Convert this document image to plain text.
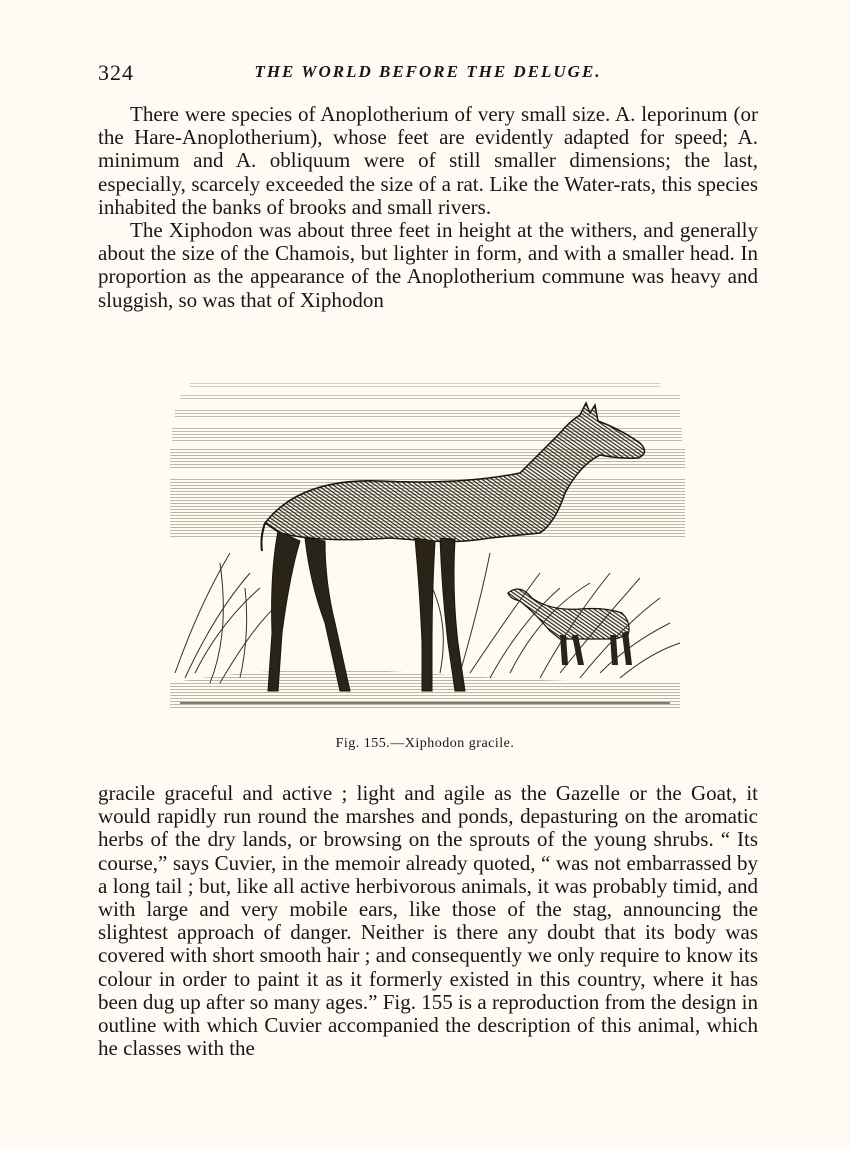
324	THE WORLD BEFORE THE DELUGE.

There were species of Anoplotherium of very small size. A. leporinum (or the Hare-Anoplotherium), whose feet are evidently adapted for speed; A. minimum and A. obliquum were of still smaller dimensions; the last, especially, scarcely exceeded the size of a rat. Like the Water-rats, this species inhabited the banks of brooks and small rivers.

The Xiphodon was about three feet in height at the withers, and generally about the size of the Chamois, but lighter in form, and with a smaller head. In proportion as the appearance of the Anoplotherium commune was heavy and sluggish, so was that of Xiphodon

Fig. 155.—Xiphodon gracile.

gracile graceful and active ; light and agile as the Gazelle or the Goat, it would rapidly run round the marshes and ponds, depasturing on the aromatic herbs of the dry lands, or browsing on the sprouts of the young shrubs. “ Its course,” says Cuvier, in the memoir already quoted, “ was not embarrassed by a long tail ; but, like all active herbivorous animals, it was probably timid, and with large and very mobile ears, like those of the stag, announcing the slightest approach of danger. Neither is there any doubt that its body was covered with short smooth hair ; and consequently we only require to know its colour in order to paint it as it formerly existed in this country, where it has been dug up after so many ages.” Fig. 155 is a reproduction from the design in outline with which Cuvier accompanied the description of this animal, which he classes with the
